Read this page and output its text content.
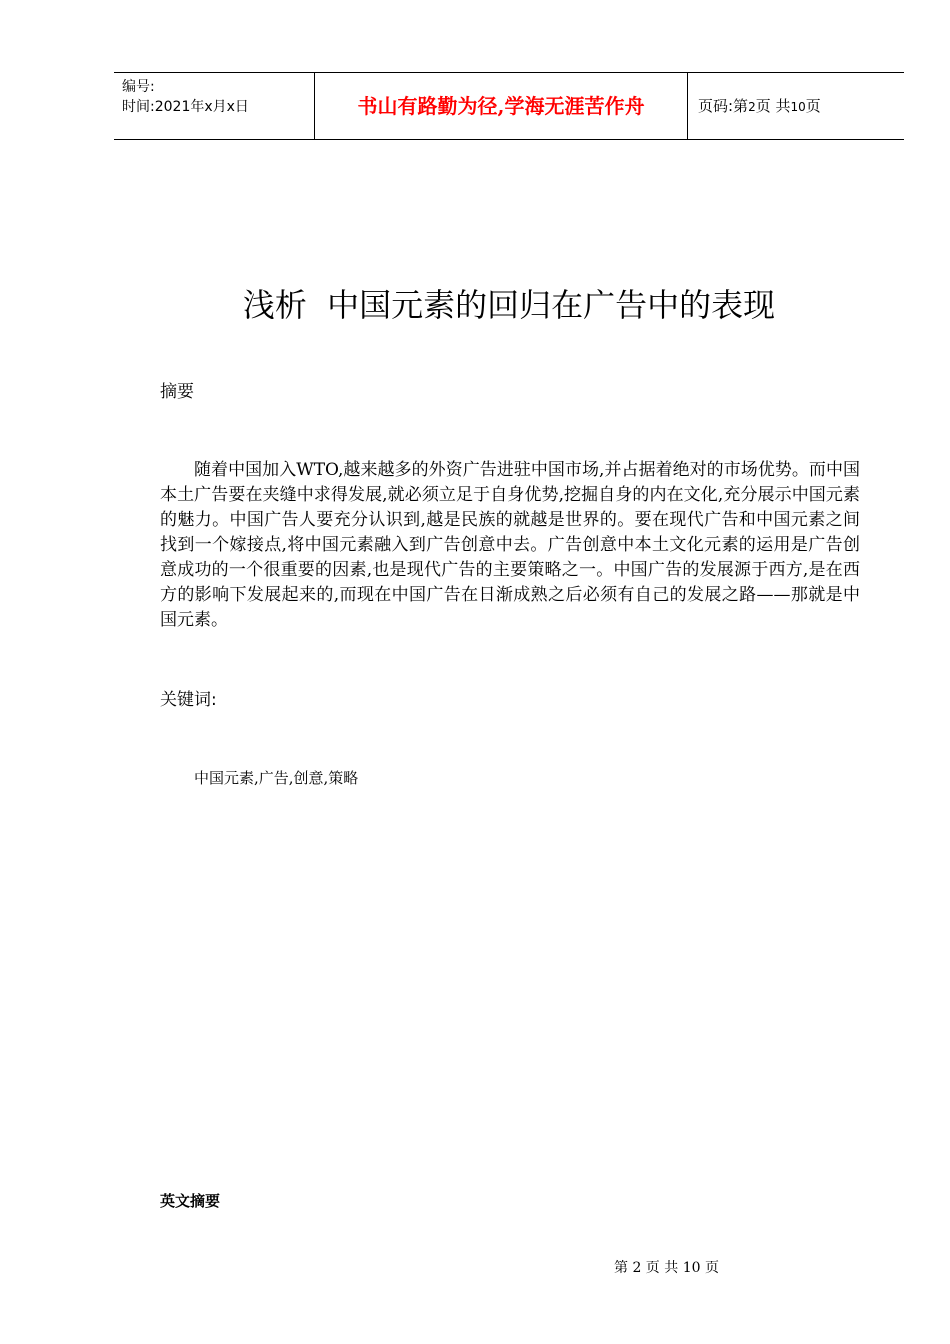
编号:
时间:2021年x月x日	书山有路勤为径,学海无涯苦作舟	页码:第2页 共10页
浅析  中国元素的回归在广告中的表现
摘要
随着中国加入WTO,越来越多的外资广告进驻中国市场,并占据着绝对的市场优势。而中国本土广告要在夹缝中求得发展,就必须立足于自身优势,挖掘自身的内在文化,充分展示中国元素的魅力。中国广告人要充分认识到,越是民族的就越是世界的。要在现代广告和中国元素之间找到一个嫁接点,将中国元素融入到广告创意中去。广告创意中本土文化元素的运用是广告创意成功的一个很重要的因素,也是现代广告的主要策略之一。中国广告的发展源于西方,是在西方的影响下发展起来的,而现在中国广告在日渐成熟之后必须有自己的发展之路——那就是中国元素。
关键词:
中国元素,广告,创意,策略
英文摘要
第 2 页 共 10 页
